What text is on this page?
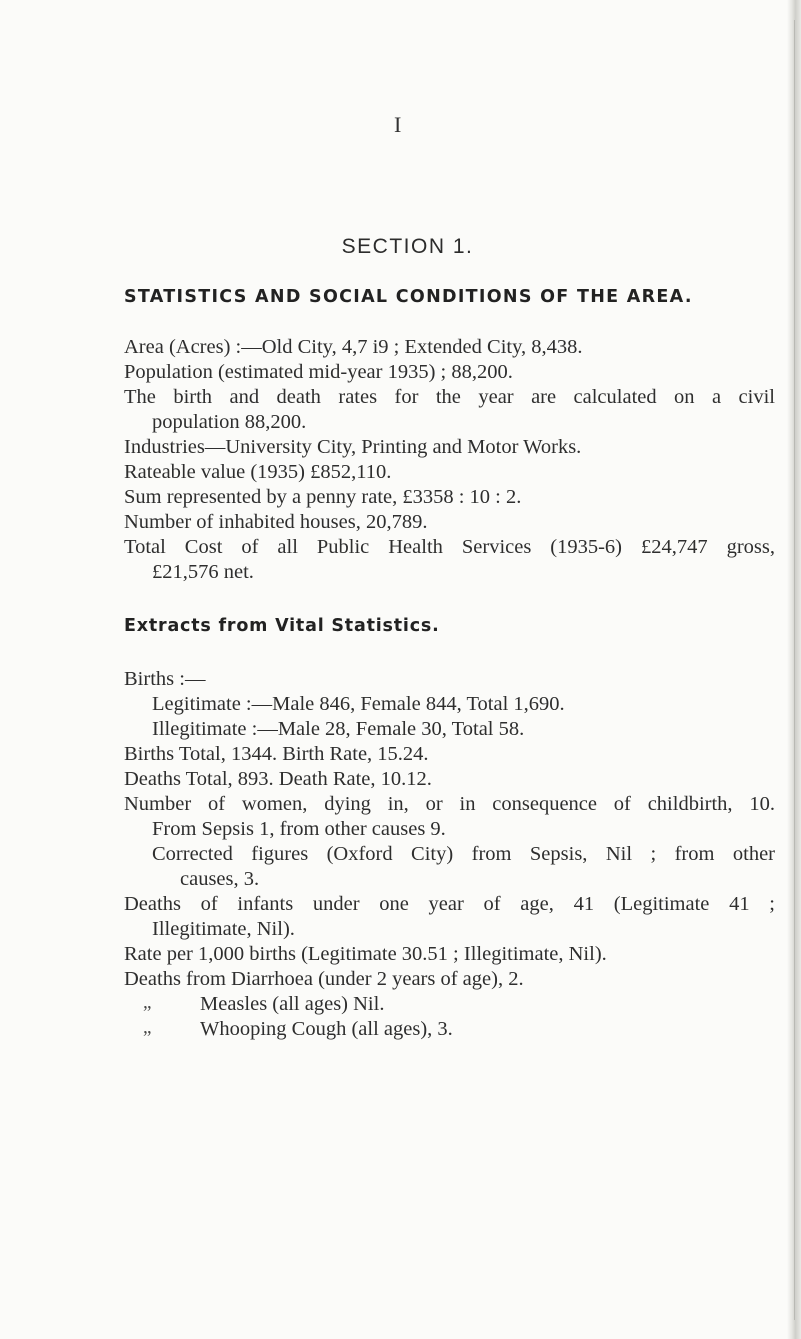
I
SECTION 1.
STATISTICS AND SOCIAL CONDITIONS OF THE AREA.
Area (Acres) :—Old City, 4,7 i9 ; Extended City, 8,438.
Population (estimated mid-year 1935) ; 88,200.
The birth and death rates for the year are calculated on a civil
population 88,200.
Industries—University City, Printing and Motor Works.
Rateable value (1935) £852,110.
Sum represented by a penny rate, £3358 : 10 : 2.
Number of inhabited houses, 20,789.
Total Cost of all Public Health Services (1935-6) £24,747 gross,
£21,576 net.
Extracts from Vital Statistics.
Births :—
Legitimate :—Male 846, Female 844, Total 1,690.
Illegitimate :—Male 28, Female 30, Total 58.
Births Total, 1344. Birth Rate, 15.24.
Deaths Total, 893. Death Rate, 10.12.
Number of women, dying in, or in consequence of childbirth, 10.
From Sepsis 1, from other causes 9.
Corrected figures (Oxford City) from Sepsis, Nil ; from other
causes, 3.
Deaths of infants under one year of age, 41 (Legitimate 41 ;
Illegitimate, Nil).
Rate per 1,000 births (Legitimate 30.51 ; Illegitimate, Nil).
Deaths from Diarrhoea (under 2 years of age), 2.
„ Measles (all ages) Nil.
„ Whooping Cough (all ages), 3.
